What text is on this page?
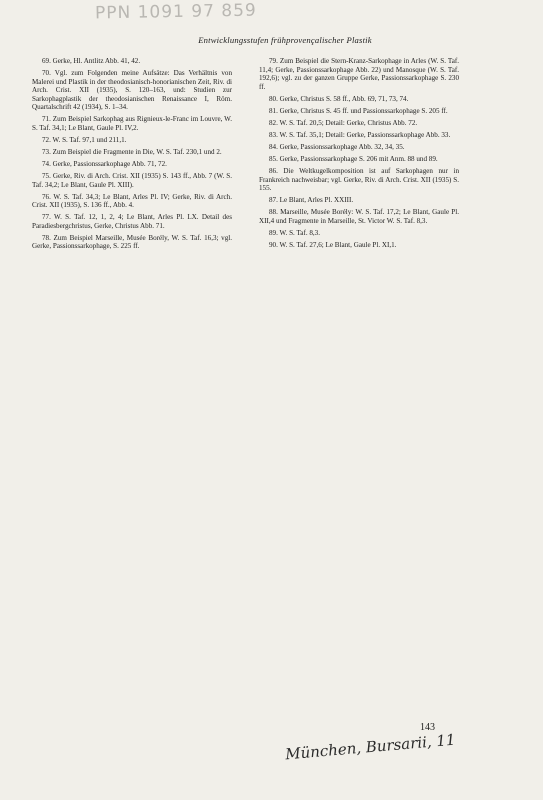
PPN 1091 97 859
Entwicklungsstufen frühprovençalischer Plastik

69. Gerke, Hl. Antlitz Abb. 41, 42.

70. Vgl. zum Folgenden meine Aufsätze: Das Verhältnis von Malerei und Plastik in der theodosianisch-honorianischen Zeit, Riv. di Arch. Crist. XII (1935), S. 120–163, und: Studien zur Sarkophagplastik der theodosianischen Renaissance I, Röm. Quartalschrift 42 (1934), S. 1–34.

71. Zum Beispiel Sarkophag aus Rignieux-le-Franc im Louvre, W. S. Taf. 34,1; Le Blant, Gaule Pl. IV,2.

72. W. S. Taf. 97,1 und 211,1.

73. Zum Beispiel die Fragmente in Die, W. S. Taf. 230,1 und 2.

74. Gerke, Passionssarkophage Abb. 71, 72.

75. Gerke, Riv. di Arch. Crist. XII (1935) S. 143 ff., Abb. 7 (W. S. Taf. 34,2; Le Blant, Gaule Pl. XIII).

76. W. S. Taf. 34,3; Le Blant, Arles Pl. IV; Gerke, Riv. di Arch. Crist. XII (1935), S. 136 ff., Abb. 4.

77. W. S. Taf. 12, 1, 2, 4; Le Blant, Arles Pl. LX. Detail des Paradiesbergchristus, Gerke, Christus Abb. 71.

78. Zum Beispiel Marseille, Musée Borély, W. S. Taf. 16,3; vgl. Gerke, Passionssarkophage, S. 225 ff.

79. Zum Beispiel die Stern-Kranz-Sarkophage in Arles (W. S. Taf. 11,4; Gerke, Passionssarkophage Abb. 22) und Manosque (W. S. Taf. 192,6); vgl. zu der ganzen Gruppe Gerke, Passionssarkophage S. 230 ff.

80. Gerke, Christus S. 58 ff., Abb. 69, 71, 73, 74.

81. Gerke, Christus S. 45 ff. und Passionssarkophage S. 205 ff.

82. W. S. Taf. 20,5; Detail: Gerke, Christus Abb. 72.

83. W. S. Taf. 35,1; Detail: Gerke, Passionssarkophage Abb. 33.

84. Gerke, Passionssarkophage Abb. 32, 34, 35.

85. Gerke, Passionssarkophage S. 206 mit Anm. 88 und 89.

86. Die Weltkugelkomposition ist auf Sarkophagen nur in Frankreich nachweisbar; vgl. Gerke, Riv. di Arch. Crist. XII (1935) S. 155.

87. Le Blant, Arles Pl. XXIII.

88. Marseille, Musée Borély: W. S. Taf. 17,2; Le Blant, Gaule Pl. XII,4 und Fragmente in Marseille, St. Victor W. S. Taf. 8,3.

89. W. S. Taf. 8,3.

90. W. S. Taf. 27,6; Le Blant, Gaule Pl. XI,1.

143
München, Bursarii, 11
